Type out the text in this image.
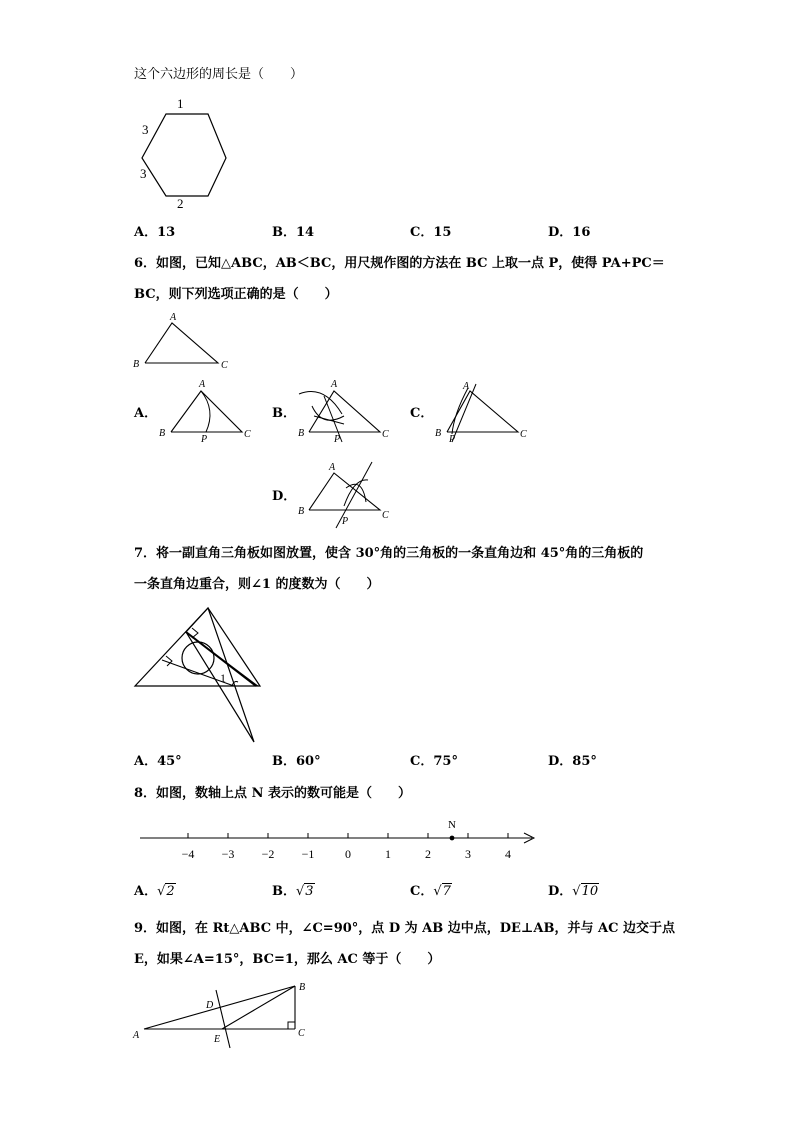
这个六边形的周长是（　　）
1
3
3
2
A．13	B．14	C．15	D．16
6．如图，已知△ABC，AB＜BC，用尺规作图的方法在 BC 上取一点 P，使得 PA+PC＝
BC，则下列选项正确的是（　　）
A
B	C
A．
A
B	C
P
B．
A
B	C
P
C．
A
B	C
P
D．
A
B	C
P
7．将一副直角三角板如图放置，使含 30°角的三角板的一条直角边和 45°角的三角板的
一条直角边重合，则∠1 的度数为（　　）
1
A．45°	B．60°	C．75°	D．85°
8．如图，数轴上点 N 表示的数可能是（　　）
−4 −3 −2 −1	0	1	2	3	4
N
A．√2	B．√3	C．√7	D．√10
9．如图，在 Rt△ABC 中，∠C=90°，点 D 为 AB 边中点，DE⊥AB，并与 AC 边交于点
E，如果∠A=15°，BC=1，那么 AC 等于（　　）
A
B
C
D
E
